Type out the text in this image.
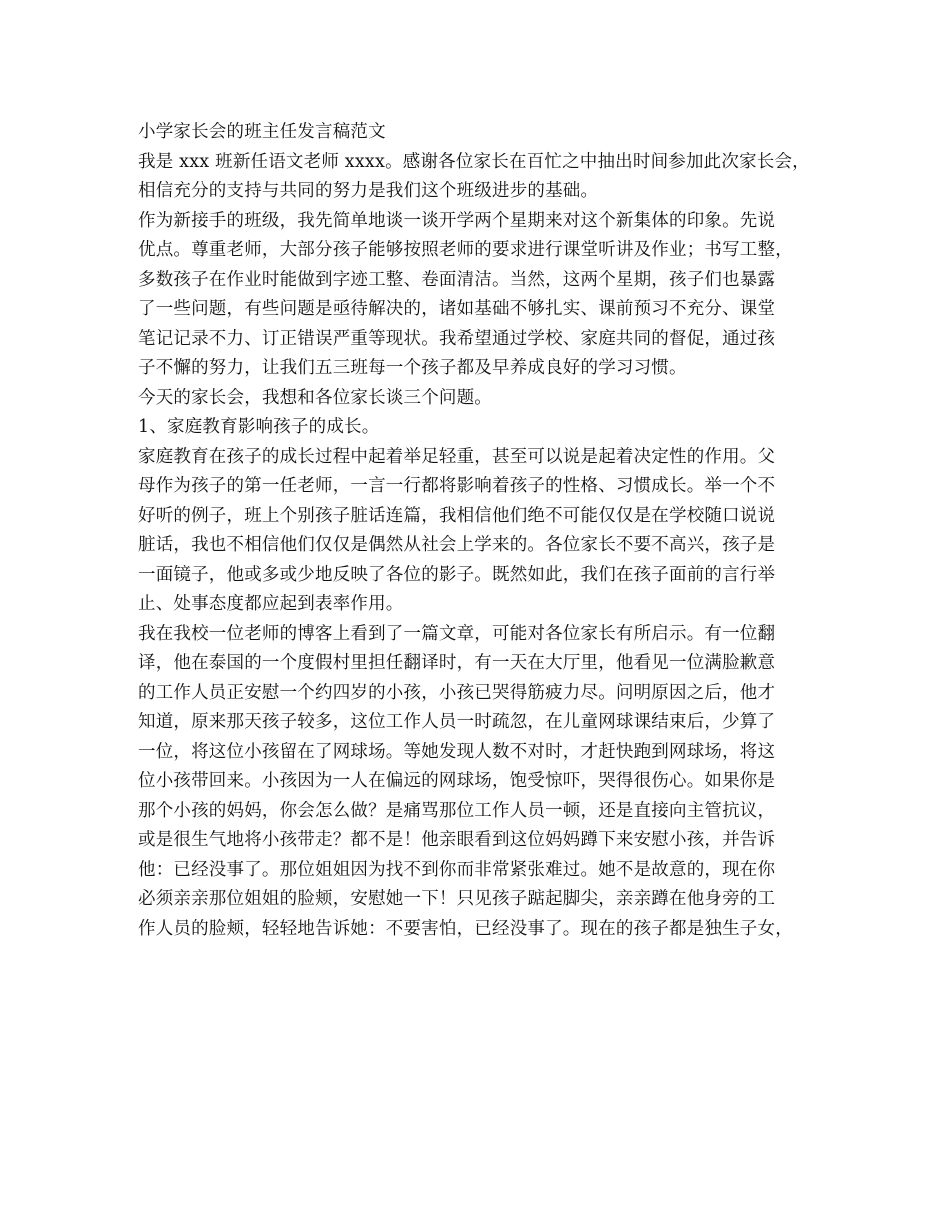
小学家长会的班主任发言稿范文
我是 xxx 班新任语文老师 xxxx。感谢各位家长在百忙之中抽出时间参加此次家长会，
相信充分的支持与共同的努力是我们这个班级进步的基础。
作为新接手的班级，我先简单地谈一谈开学两个星期来对这个新集体的印象。先说
优点。尊重老师，大部分孩子能够按照老师的要求进行课堂听讲及作业；书写工整，
多数孩子在作业时能做到字迹工整、卷面清洁。当然，这两个星期，孩子们也暴露
了一些问题，有些问题是亟待解决的，诸如基础不够扎实、课前预习不充分、课堂
笔记记录不力、订正错误严重等现状。我希望通过学校、家庭共同的督促，通过孩
子不懈的努力，让我们五三班每一个孩子都及早养成良好的学习习惯。
今天的家长会，我想和各位家长谈三个问题。
1、家庭教育影响孩子的成长。
家庭教育在孩子的成长过程中起着举足轻重，甚至可以说是起着决定性的作用。父
母作为孩子的第一任老师，一言一行都将影响着孩子的性格、习惯成长。举一个不
好听的例子，班上个别孩子脏话连篇，我相信他们绝不可能仅仅是在学校随口说说
脏话，我也不相信他们仅仅是偶然从社会上学来的。各位家长不要不高兴，孩子是
一面镜子，他或多或少地反映了各位的影子。既然如此，我们在孩子面前的言行举
止、处事态度都应起到表率作用。
我在我校一位老师的博客上看到了一篇文章，可能对各位家长有所启示。有一位翻
译，他在泰国的一个度假村里担任翻译时，有一天在大厅里，他看见一位满脸歉意
的工作人员正安慰一个约四岁的小孩，小孩已哭得筋疲力尽。问明原因之后，他才
知道，原来那天孩子较多，这位工作人员一时疏忽，在儿童网球课结束后，少算了
一位，将这位小孩留在了网球场。等她发现人数不对时，才赶快跑到网球场，将这
位小孩带回来。小孩因为一人在偏远的网球场，饱受惊吓，哭得很伤心。如果你是
那个小孩的妈妈，你会怎么做？是痛骂那位工作人员一顿，还是直接向主管抗议，
或是很生气地将小孩带走？都不是！他亲眼看到这位妈妈蹲下来安慰小孩，并告诉
他：已经没事了。那位姐姐因为找不到你而非常紧张难过。她不是故意的，现在你
必须亲亲那位姐姐的脸颊，安慰她一下！只见孩子踮起脚尖，亲亲蹲在他身旁的工
作人员的脸颊，轻轻地告诉她：不要害怕，已经没事了。现在的孩子都是独生子女，
